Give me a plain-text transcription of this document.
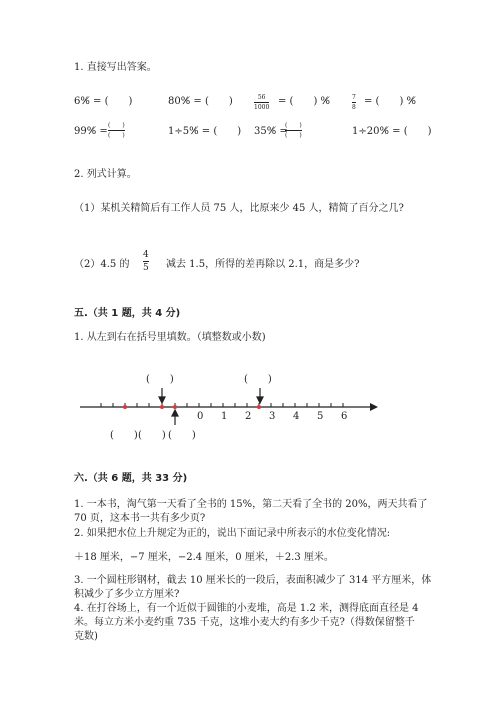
1. 直接写出答案。
6%̸ = (　　)	80%̸ = (　　)	56
1000
= (　　) %̸	7
8
= (　　) %̸
99%̸ =
(　　)
(　　)	1÷5%̸ = (　　) 35%̸ =
(　　)
(　　)	1÷20%̸ = (　　)
2. 列式计算。
（1）某机关精简后有工作人员 75 人，比原来少 45 人，精简了百分之几?
（2）4.5 的
4
5 减去 1.5，所得的差再除以 2.1，商是多少?
五.（共 1 题，共 4 分)
1. 从左到右在括号里填数。（填整数或小数)
0 1 2 3 4 5 6
(　　)	(　　)
(　　) (　　) (　　)
六.（共 6 题，共 33 分)
1. 一本书，淘气第一天看了全书的 15%，第二天看了全书的 20%，两天共看了
70 页，这本书一共有多少页?
2. 如果把水位上升规定为正的，说出下面记录中所表示的水位变化情况:
＋18 厘米，−7 厘米，−2.4 厘米，0 厘米，＋2.3 厘米。
3. 一个圆柱形钢材，截去 10 厘米长的一段后，表面积减少了 314 平方厘米，体
积减少了多少立方厘米?
4. 在打谷场上，有一个近似于圆锥的小麦堆，高是 1.2 米，测得底面直径是 4
米。每立方米小麦约重 735 千克，这堆小麦大约有多少千克?（得数保留整千
克数)
